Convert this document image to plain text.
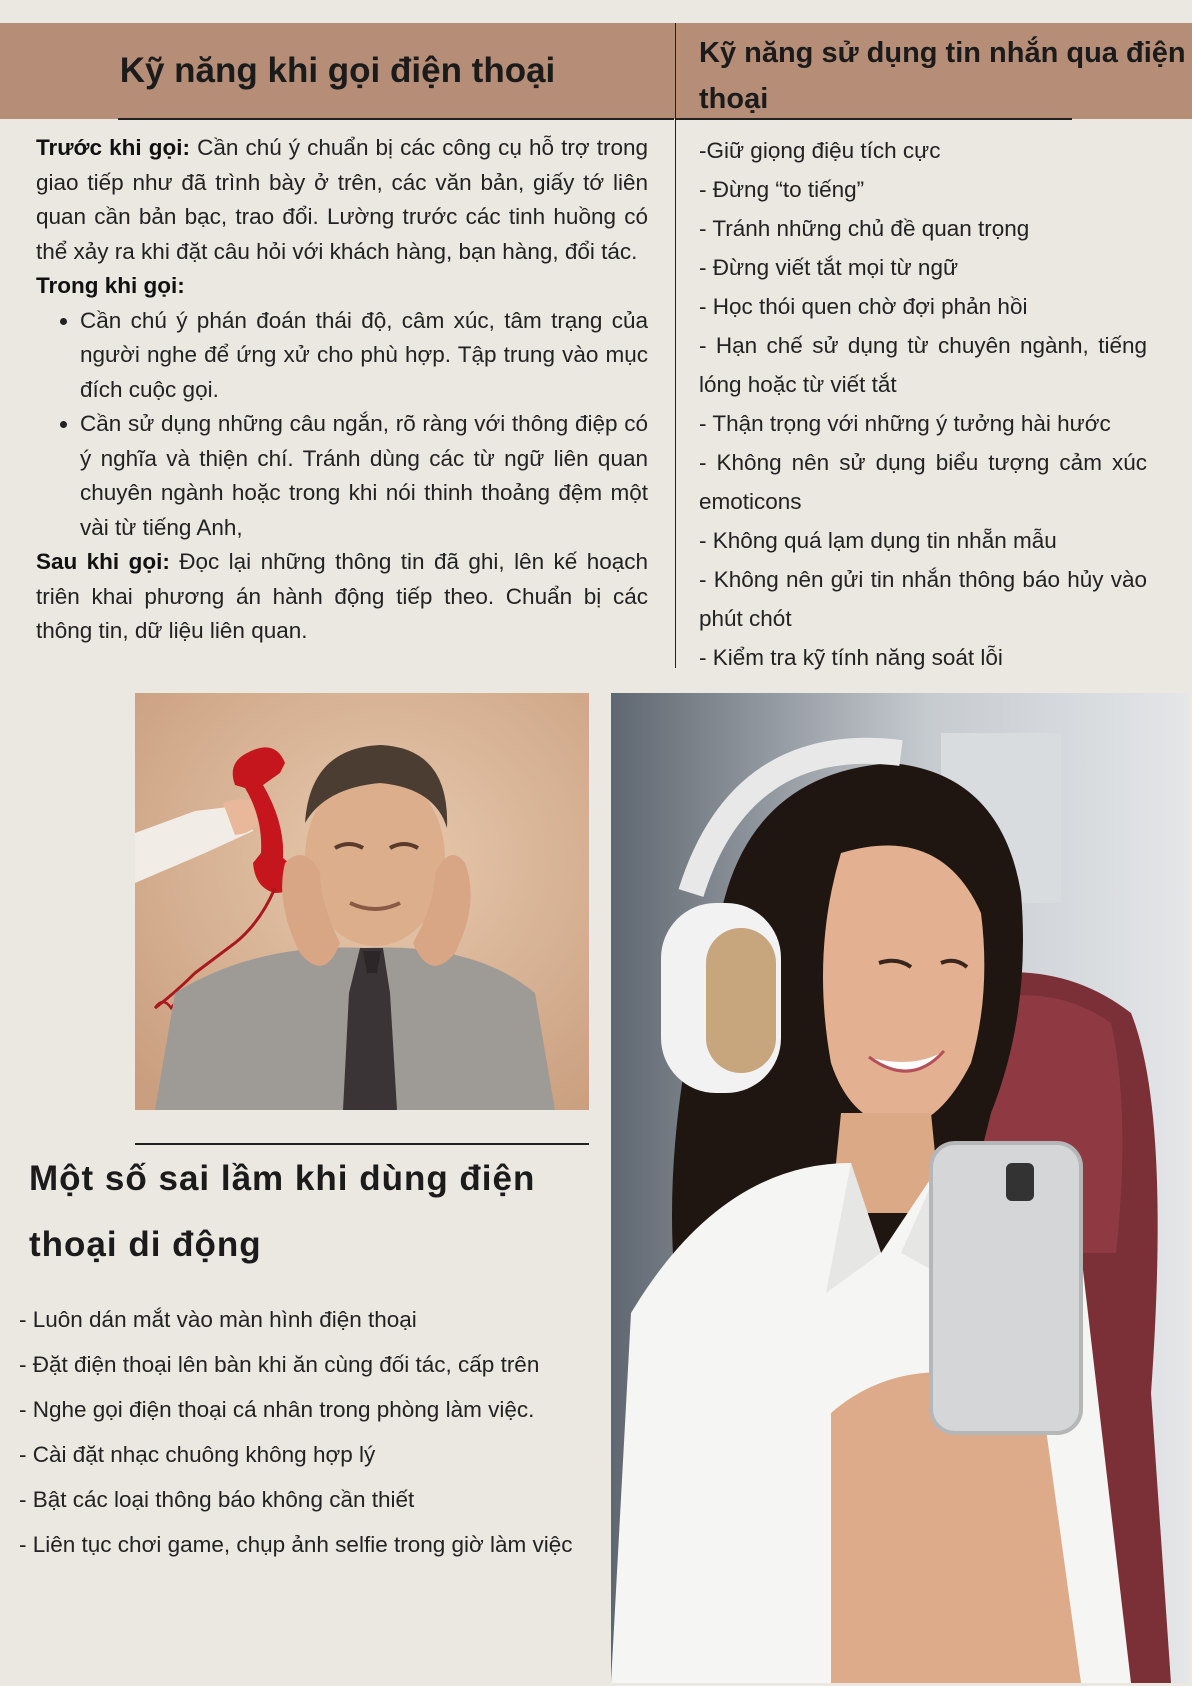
Kỹ năng khi gọi điện thoại	Kỹ năng sử dụng tin nhắn qua điện
thoại

Trước khi gọi: Cần chú ý chuẩn bị các công cụ hỗ trợ trong giao tiếp như đã trình bày ở trên, các văn bản, giấy tớ liên quan cần bản bạc, trao đổi. Lường trước các tinh huồng có thể xảy ra khi đặt câu hỏi với khách hàng, bạn hàng, đổi tác.

Trong khi gọi:

• Cần chú ý phán đoán thái độ, câm xúc, tâm trạng của người nghe để ứng xử cho phù hợp. Tập trung vào mục đích cuộc gọi.
• Cần sử dụng những câu ngắn, rõ ràng với thông điệp có ý nghĩa và thiện chí. Tránh dùng các từ ngữ liên quan chuyên ngành hoặc trong khi nói thinh thoảng đệm một vài từ tiếng Anh,

Sau khi gọi: Đọc lại những thông tin đã ghi, lên kế hoạch triên khai phương án hành động tiếp theo. Chuẩn bị các thông tin, dữ liệu liên quan.

-Giữ giọng điệu tích cực
- Đừng “to tiếng”
- Tránh những chủ đề quan trọng
- Đừng viết tắt mọi từ ngữ
- Học thói quen chờ đợi phản hồi
- Hạn chế sử dụng từ chuyên ngành, tiếng lóng hoặc từ viết tắt
- Thận trọng với những ý tưởng hài hước
- Không nên sử dụng biểu tượng cảm xúc emoticons
- Không quá lạm dụng tin nhẵn mẫu
- Không nên gửi tin nhắn thông báo hủy vào phút chót
- Kiểm tra kỹ tính năng soát lỗi
Một số sai lầm khi dùng điện
thoại di động
- Luôn dán mắt vào màn hình điện thoại
- Đặt điện thoại lên bàn khi ăn cùng đối tác, cấp trên
- Nghe gọi điện thoại cá nhân trong phòng làm việc.
- Cài đặt nhạc chuông không hợp lý
- Bật các loại thông báo không cần thiết
- Liên tục chơi game, chụp ảnh selfie trong giờ làm việc
